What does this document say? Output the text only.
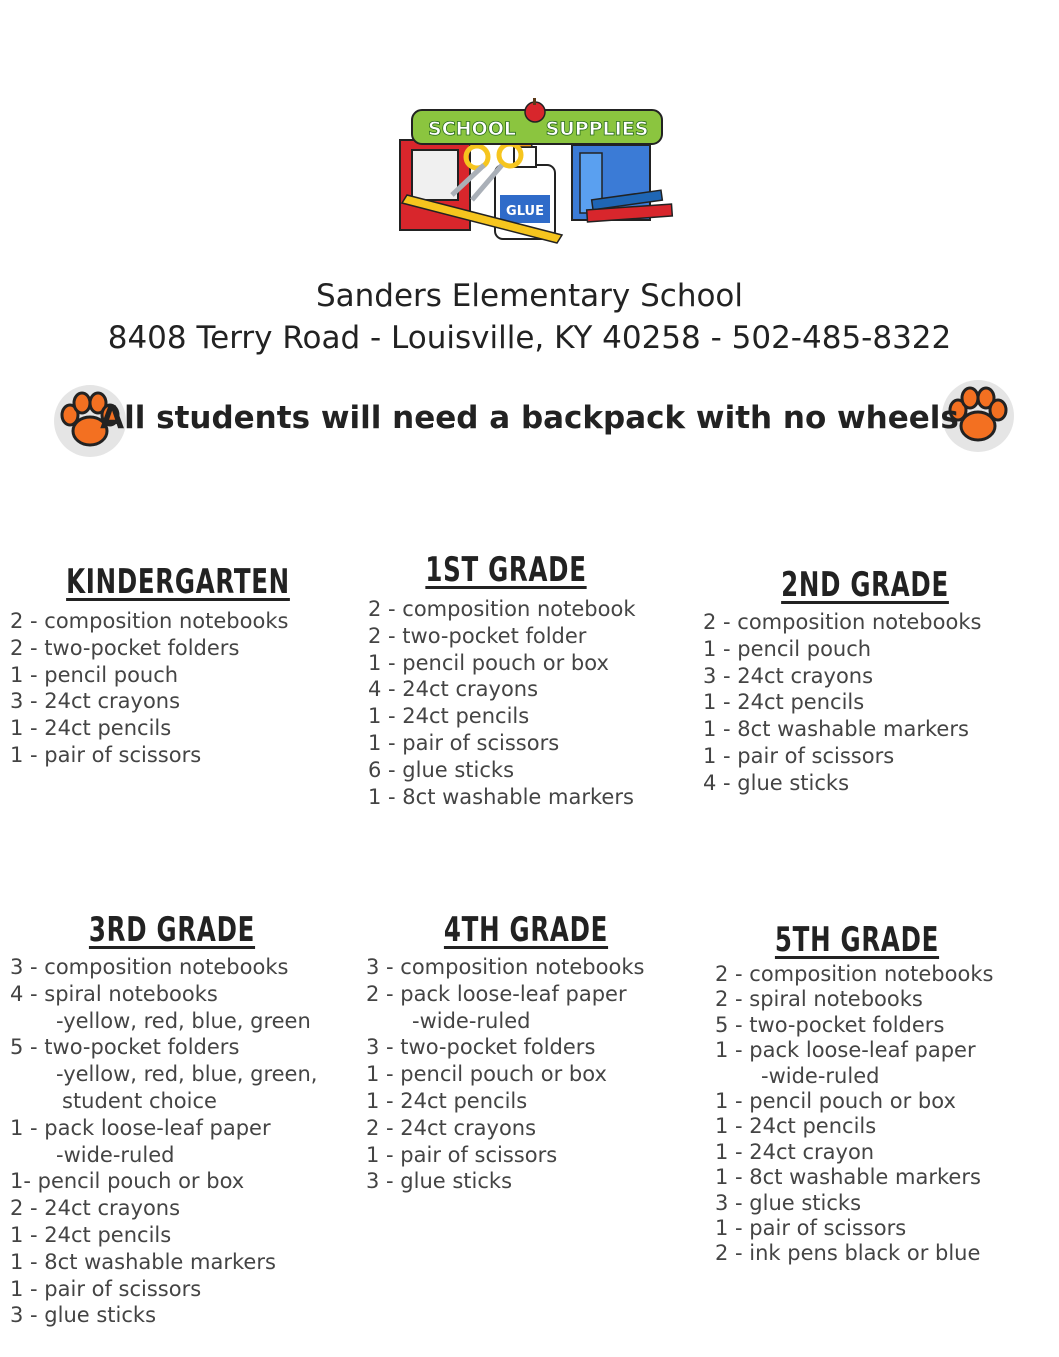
GLUE
SCHOOL SUPPLIES
Sanders Elementary School
8408 Terry Road - Louisville, KY 40258 - 502-485-8322
All students will need a backpack with no wheels
KINDERGARTEN
2 - composition notebooks
2 - two-pocket folders
1 - pencil pouch
3 - 24ct crayons
1 - 24ct pencils
1 - pair of scissors
1ST GRADE
2 - composition notebook
2 - two-pocket folder
1 - pencil pouch or box
4 - 24ct crayons
1 - 24ct pencils
1 - pair of scissors
6 - glue sticks
1 - 8ct washable markers
2ND GRADE
2 - composition notebooks
1 - pencil pouch
3 - 24ct crayons
1 - 24ct pencils
1 - 8ct washable markers
1 - pair of scissors
4 - glue sticks
3RD GRADE
3 - composition notebooks
4 - spiral notebooks
-yellow, red, blue, green
5 - two-pocket folders
-yellow, red, blue, green,
student choice
1 - pack loose-leaf paper
-wide-ruled
1- pencil pouch or box
2 - 24ct crayons
1 - 24ct pencils
1 - 8ct washable markers
1 - pair of scissors
3 - glue sticks
4TH GRADE
3 - composition notebooks
2 - pack loose-leaf paper
-wide-ruled
3 - two-pocket folders
1 - pencil pouch or box
1 - 24ct pencils
2 - 24ct crayons
1 - pair of scissors
3 - glue sticks
5TH GRADE
2 - composition notebooks
2 - spiral notebooks
5 - two-pocket folders
1 - pack loose-leaf paper
-wide-ruled
1 - pencil pouch or box
1 - 24ct pencils
1 - 24ct crayon
1 - 8ct washable markers
3 - glue sticks
1 - pair of scissors
2 - ink pens black or blue
